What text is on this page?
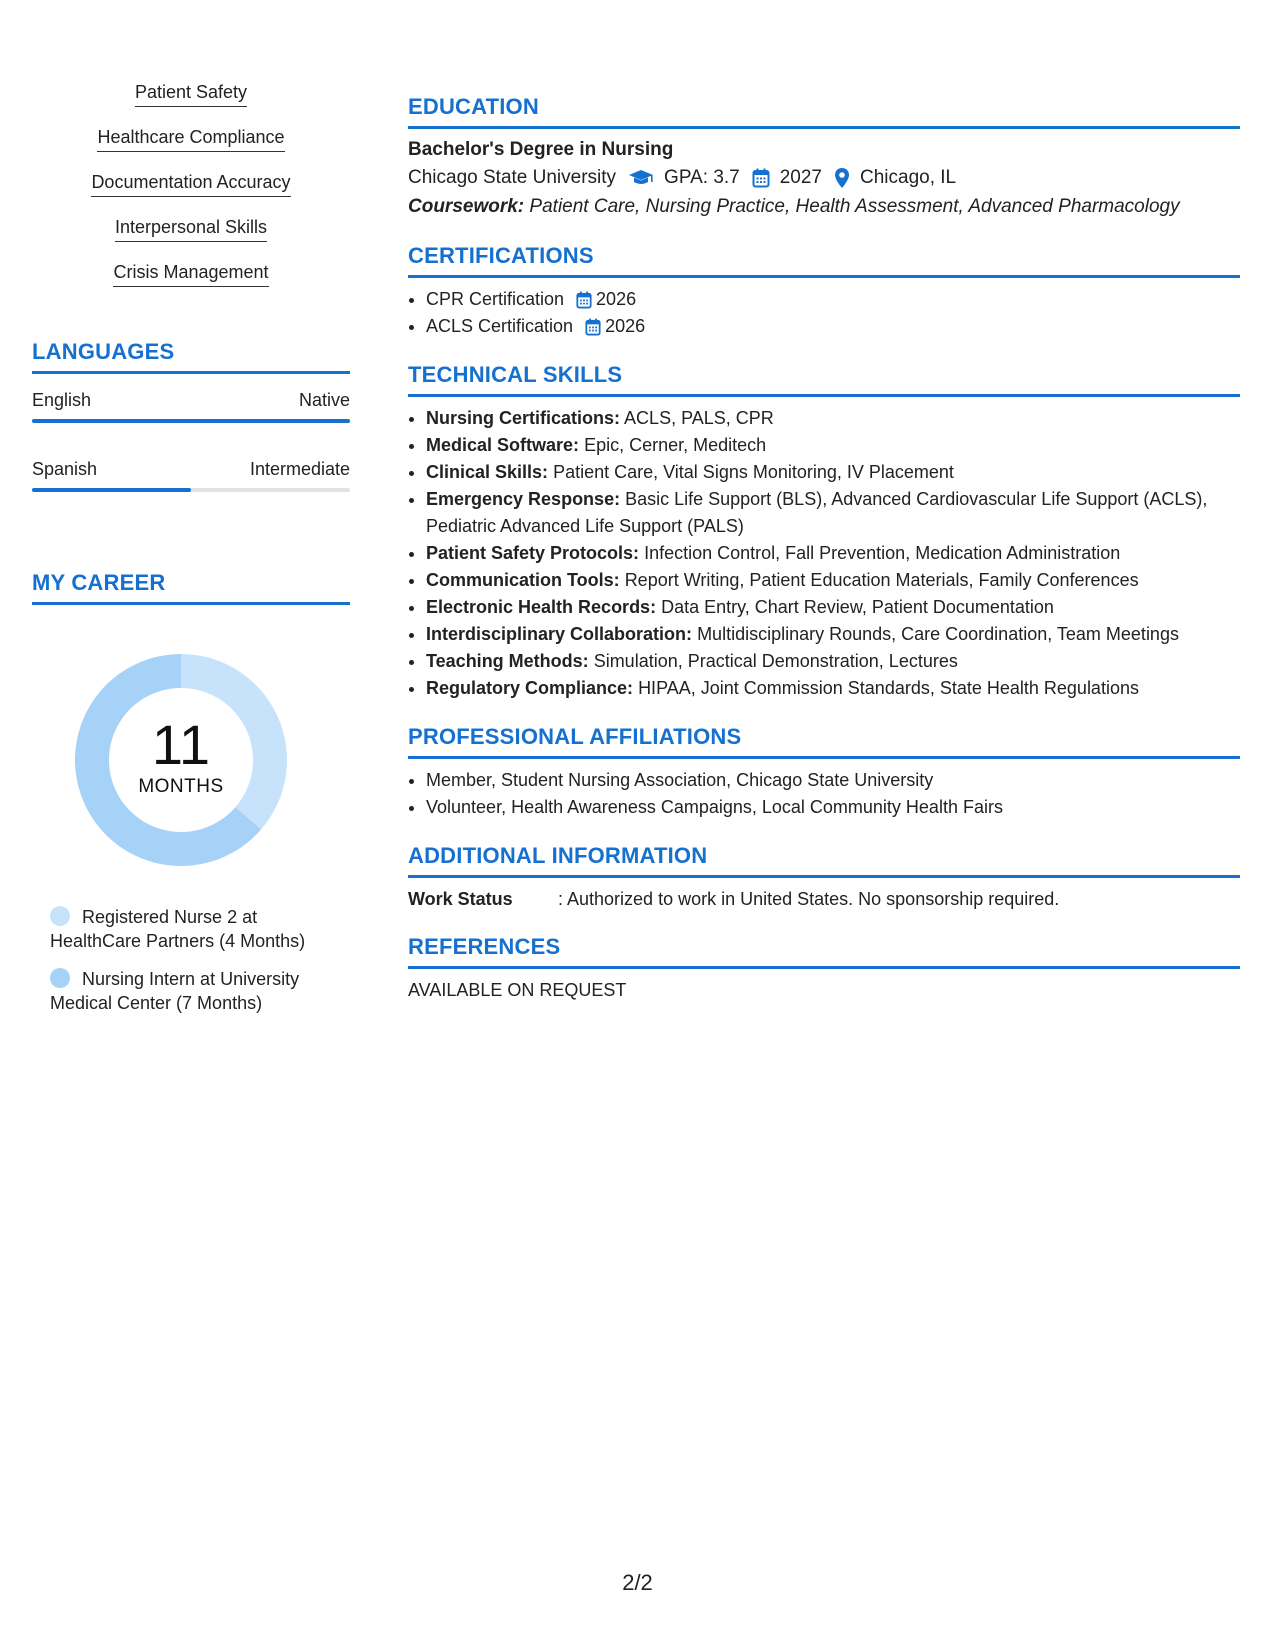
Patient Safety
Healthcare Compliance
Documentation Accuracy
Interpersonal Skills
Crisis Management
LANGUAGES
English	Native
Spanish	Intermediate
MY CAREER
11
MONTHS
Registered Nurse 2 at HealthCare Partners (4 Months)
Nursing Intern at University Medical Center (7 Months)
EDUCATION
Bachelor's Degree in Nursing
Chicago State University	GPA: 3.7 2027 Chicago, IL
Coursework: Patient Care, Nursing Practice, Health Assessment, Advanced Pharmacology
CERTIFICATIONS
• CPR Certification 2026
• ACLS Certification 2026
TECHNICAL SKILLS
• Nursing Certifications: ACLS, PALS, CPR
• Medical Software: Epic, Cerner, Meditech
• Clinical Skills: Patient Care, Vital Signs Monitoring, IV Placement
• Emergency Response: Basic Life Support (BLS), Advanced Cardiovascular Life Support (ACLS), Pediatric Advanced Life Support (PALS)
• Patient Safety Protocols: Infection Control, Fall Prevention, Medication Administration
• Communication Tools: Report Writing, Patient Education Materials, Family Conferences
• Electronic Health Records: Data Entry, Chart Review, Patient Documentation
• Interdisciplinary Collaboration: Multidisciplinary Rounds, Care Coordination, Team Meetings
• Teaching Methods: Simulation, Practical Demonstration, Lectures
• Regulatory Compliance: HIPAA, Joint Commission Standards, State Health Regulations
PROFESSIONAL AFFILIATIONS
• Member, Student Nursing Association, Chicago State University
• Volunteer, Health Awareness Campaigns, Local Community Health Fairs
ADDITIONAL INFORMATION
Work Status	: Authorized to work in United States. No sponsorship required.
REFERENCES
AVAILABLE ON REQUEST
2/2
